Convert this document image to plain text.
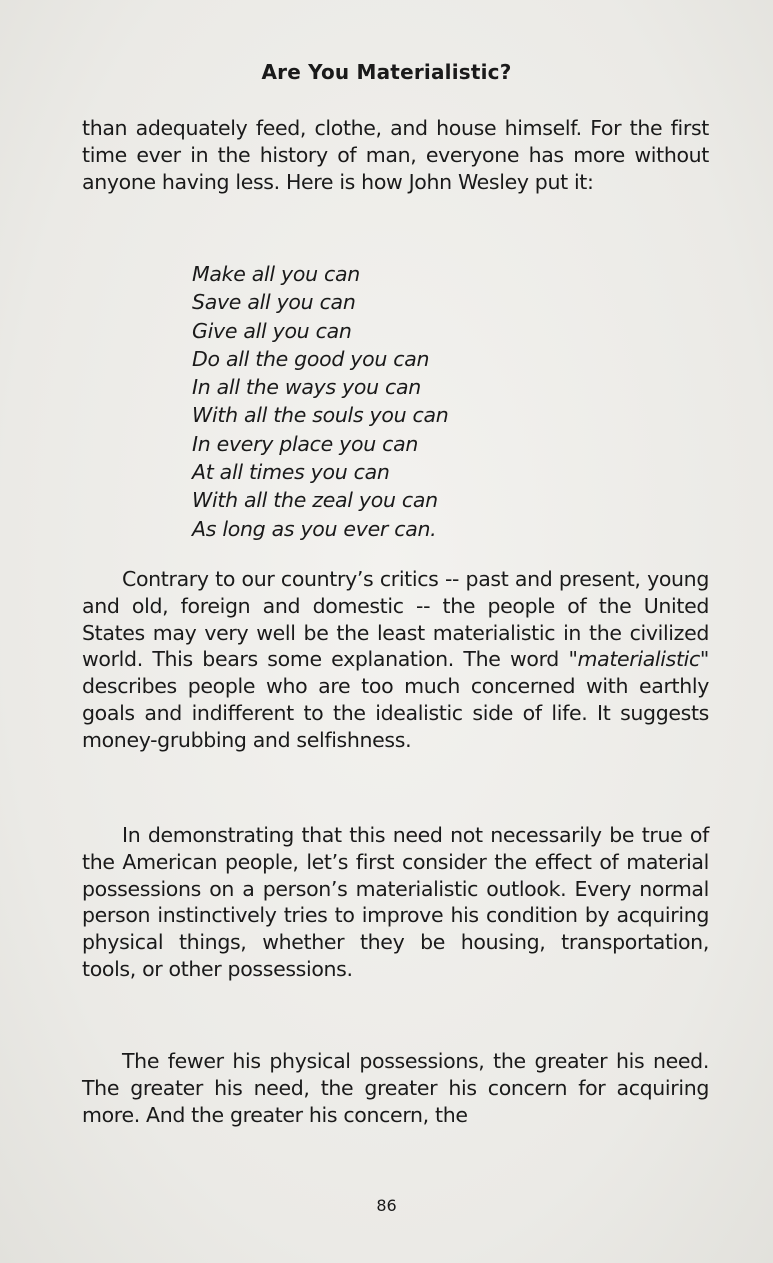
Are You Materialistic?

than adequately feed, clothe, and house himself. For the first time ever in the history of man, everyone has more without anyone having less. Here is how John Wesley put it:

Make all you can
Save all you can
Give all you can
Do all the good you can
In all the ways you can
With all the souls you can
In every place you can
At all times you can
With all the zeal you can
As long as you ever can.

Contrary to our country’s critics -- past and present, young and old, foreign and domestic -- the people of the United States may very well be the least materialistic in the civilized world. This bears some explanation. The word "materialistic" describes people who are too much concerned with earthly goals and indifferent to the idealistic side of life. It suggests money-grubbing and selfishness.

In demonstrating that this need not necessarily be true of the American people, let’s first consider the effect of material possessions on a person’s materialistic outlook. Every normal person instinctively tries to improve his condition by acquiring physical things, whether they be housing, transportation, tools, or other possessions.

The fewer his physical possessions, the greater his need. The greater his need, the greater his concern for acquiring more. And the greater his concern, the

86
